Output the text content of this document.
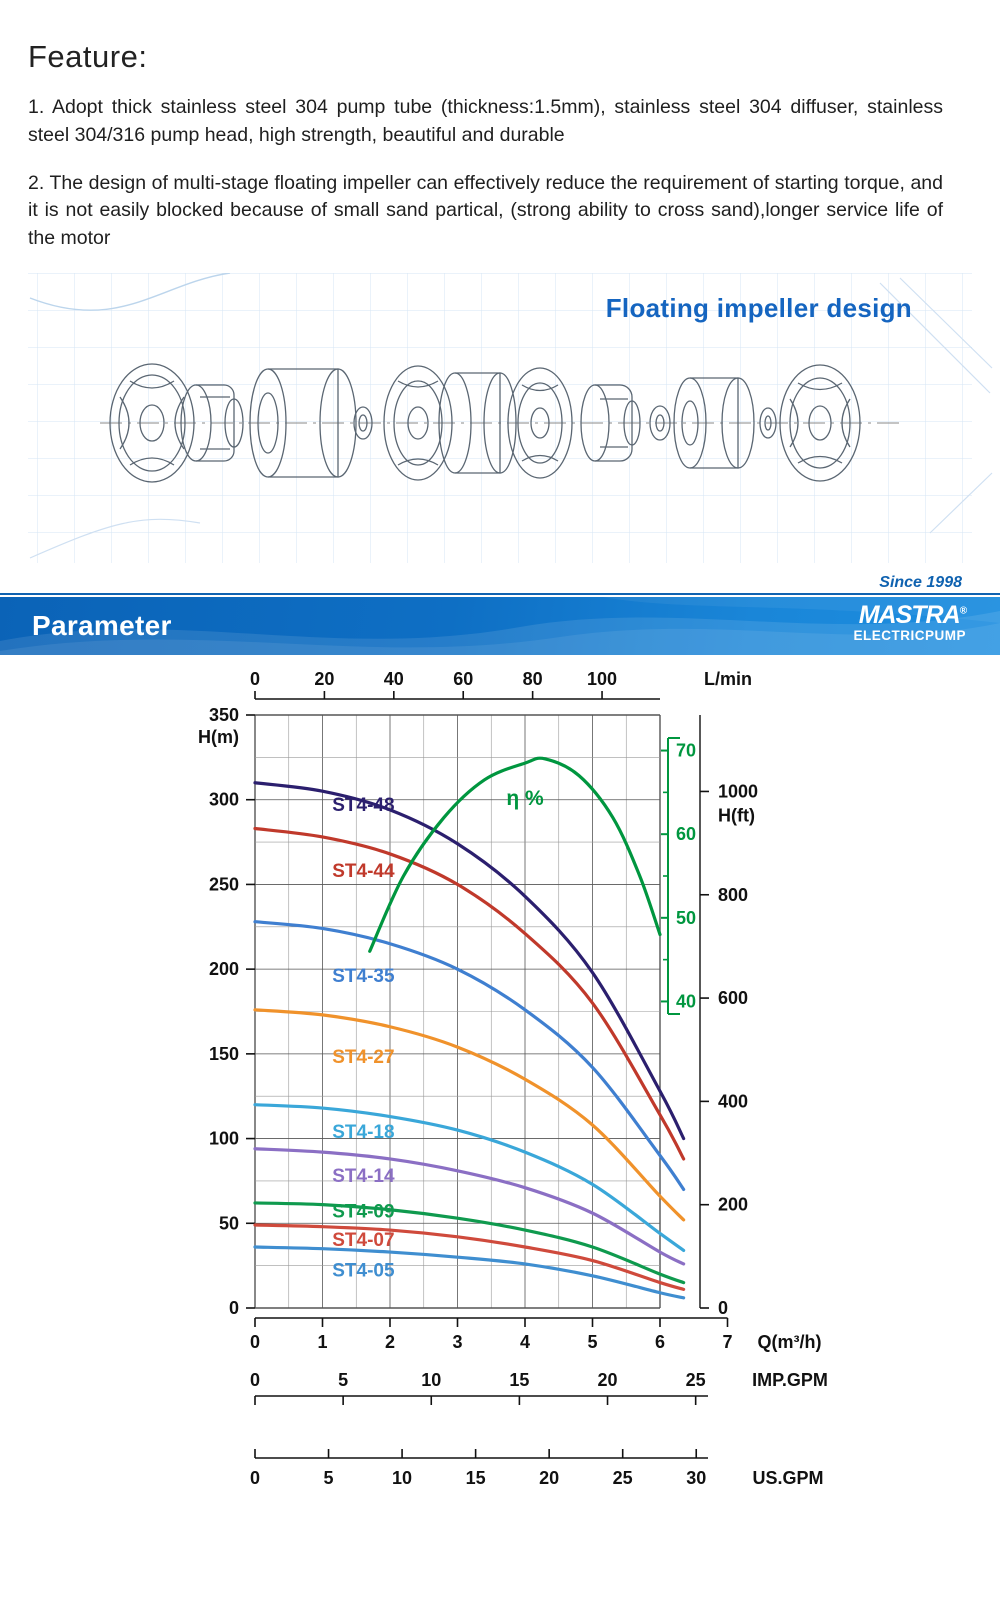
Feature:

1. Adopt thick stainless steel 304 pump tube (thickness:1.5mm), stainless steel 304 diffuser, stainless steel 304/316 pump head, high strength, beautiful and durable

2. The design of multi-stage floating impeller can effectively reduce the requirement of starting torque, and it is not easily blocked because of small sand partical, (strong ability to cross sand),longer service life of the motor

Floating impeller design
Since 1998
Parameter	MASTRA®
ELECTRICPUMP
0
50
100
150
200
250
300
350
H(m)
0
200
400
600
800
1000
H(ft)
40
50
60
70
0	20	40	60	80 100	L/min
0	1	2	3	4	5	6	7 Q(m³/h)
0	5	10	15	20	25	IMP.GPM
0	5	10	15	20	25	30	US.GPM
ST4-48
ST4-44
ST4-35
ST4-27
ST4-18
ST4-14
ST4-09
ST4-07
ST4-05
η %
